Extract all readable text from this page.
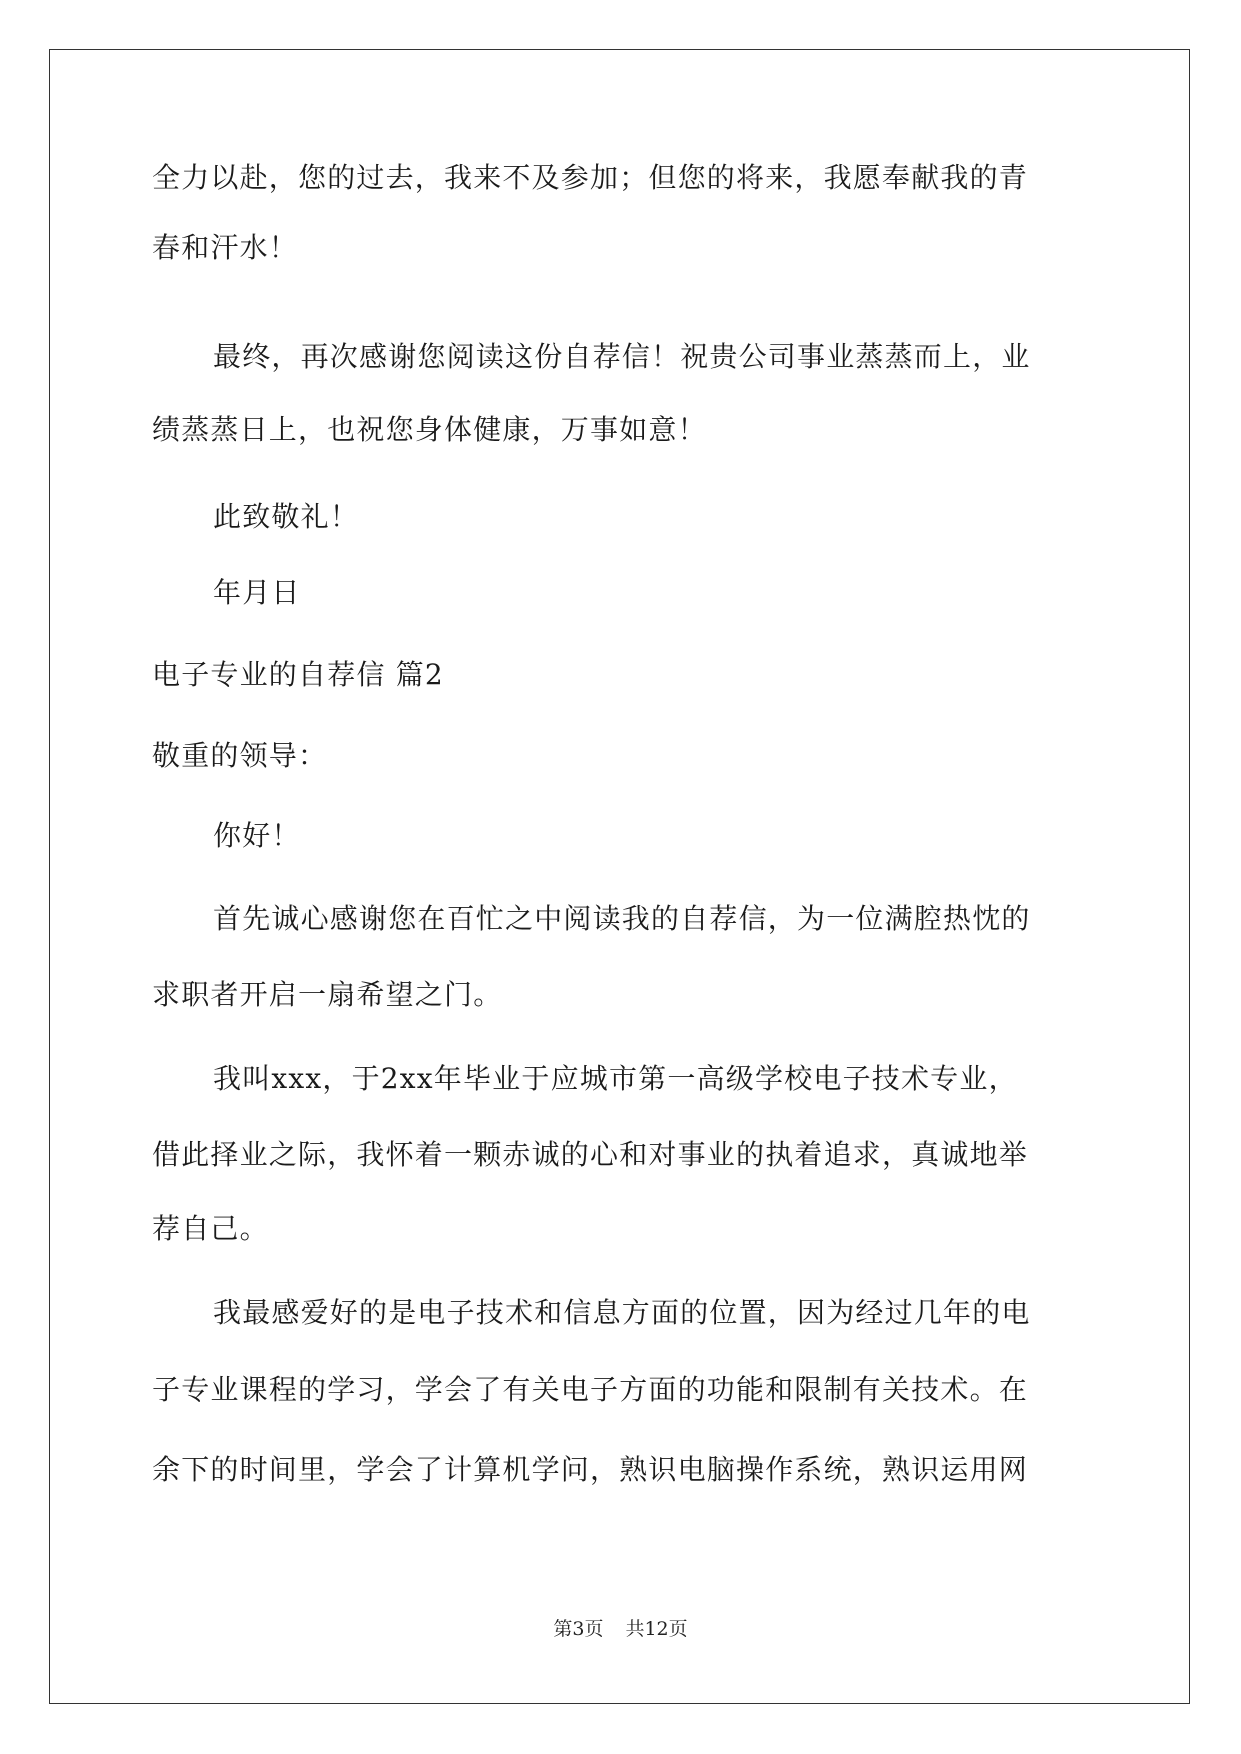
全力以赴，您的过去，我来不及参加；但您的将来，我愿奉献我的青
春和汗水！
最终，再次感谢您阅读这份自荐信！祝贵公司事业蒸蒸而上，业
绩蒸蒸日上，也祝您身体健康，万事如意！
此致敬礼！
年月日
电子专业的自荐信 篇2
敬重的领导：
你好！
首先诚心感谢您在百忙之中阅读我的自荐信，为一位满腔热忱的
求职者开启一扇希望之门。
我叫xxx，于2xx年毕业于应城市第一高级学校电子技术专业，
借此择业之际，我怀着一颗赤诚的心和对事业的执着追求，真诚地举
荐自己。
我最感爱好的是电子技术和信息方面的位置，因为经过几年的电
子专业课程的学习，学会了有关电子方面的功能和限制有关技术。在
余下的时间里，学会了计算机学问，熟识电脑操作系统，熟识运用网
第3页 共12页
